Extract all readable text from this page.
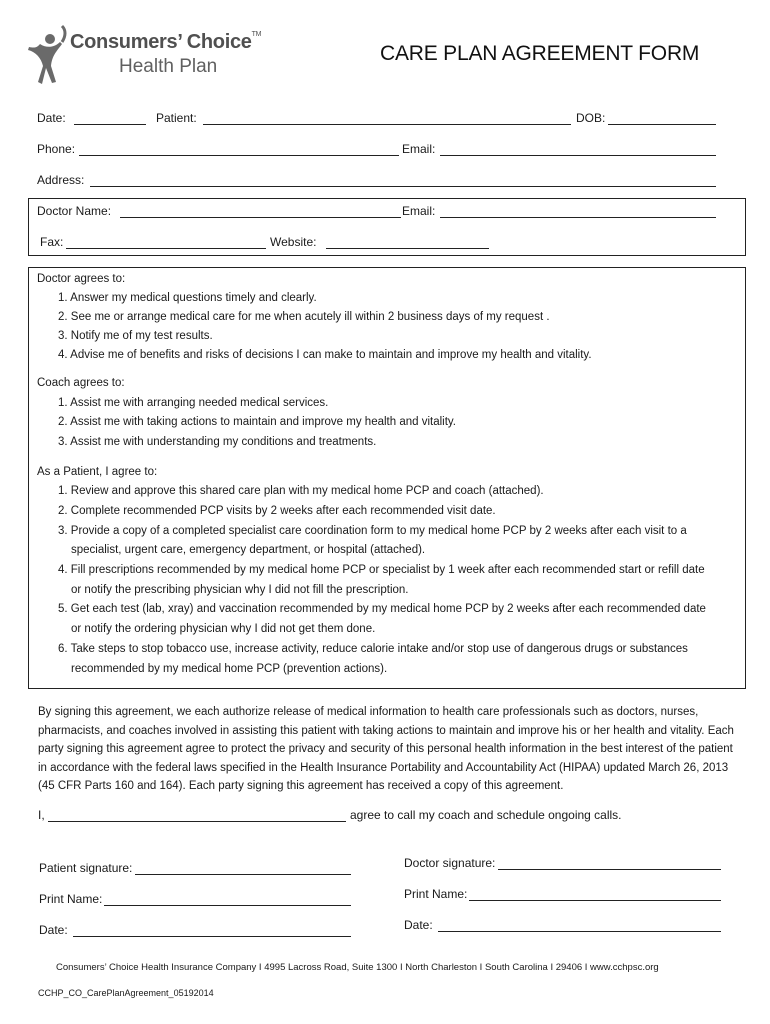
Consumers’ Choice™
Health Plan
CARE PLAN AGREEMENT FORM
Date:	Patient:	DOB:
Phone:	Email:
Address:
Doctor Name:	Email:
Fax:	Website:
Doctor agrees to:
1. Answer my medical questions timely and clearly.
2. See me or arrange medical care for me when acutely ill within 2 business days of my request .
3. Notify me of my test results.
4. Advise me of benefits and risks of decisions I can make to maintain and improve my health and vitality.
Coach agrees to:
1. Assist me with arranging needed medical services.
2. Assist me with taking actions to maintain and improve my health and vitality.
3. Assist me with understanding my conditions and treatments.
As a Patient, I agree to:
1. Review and approve this shared care plan with my medical home PCP and coach (attached).
2. Complete recommended PCP visits by 2 weeks after each recommended visit date.
3. Provide a copy of a completed specialist care coordination form to my medical home PCP by 2 weeks after each visit to a
specialist, urgent care, emergency department, or hospital (attached).
4. Fill prescriptions recommended by my medical home PCP or specialist by 1 week after each recommended start or refill date
or notify the prescribing physician why I did not fill the prescription.
5. Get each test (lab, xray) and vaccination recommended by my medical home PCP by 2 weeks after each recommended date
or notify the ordering physician why I did not get them done.
6. Take steps to stop tobacco use, increase activity, reduce calorie intake and/or stop use of dangerous drugs or substances
recommended by my medical home PCP (prevention actions).
By signing this agreement, we each authorize release of medical information to health care professionals such as doctors, nurses, pharmacists, and coaches involved in assisting this patient with taking actions to maintain and improve his or her health and vitality. Each party signing this agreement agree to protect the privacy and security of this personal health information in the best interest of the patient in accordance with the federal laws specified in the Health Insurance Portability and Accountability Act (HIPAA) updated March 26, 2013 (45 CFR Parts 160 and 164). Each party signing this agreement has received a copy of this agreement.
I,	agree to call my coach and schedule ongoing calls.
Patient signature:
Print Name:
Date:
Doctor signature:
Print Name:
Date:
Consumers’ Choice Health Insurance Company I 4995 Lacross Road, Suite 1300 I North Charleston I South Carolina I 29406 I www.cchpsc.org
CCHP_CO_CarePlanAgreement_05192014
